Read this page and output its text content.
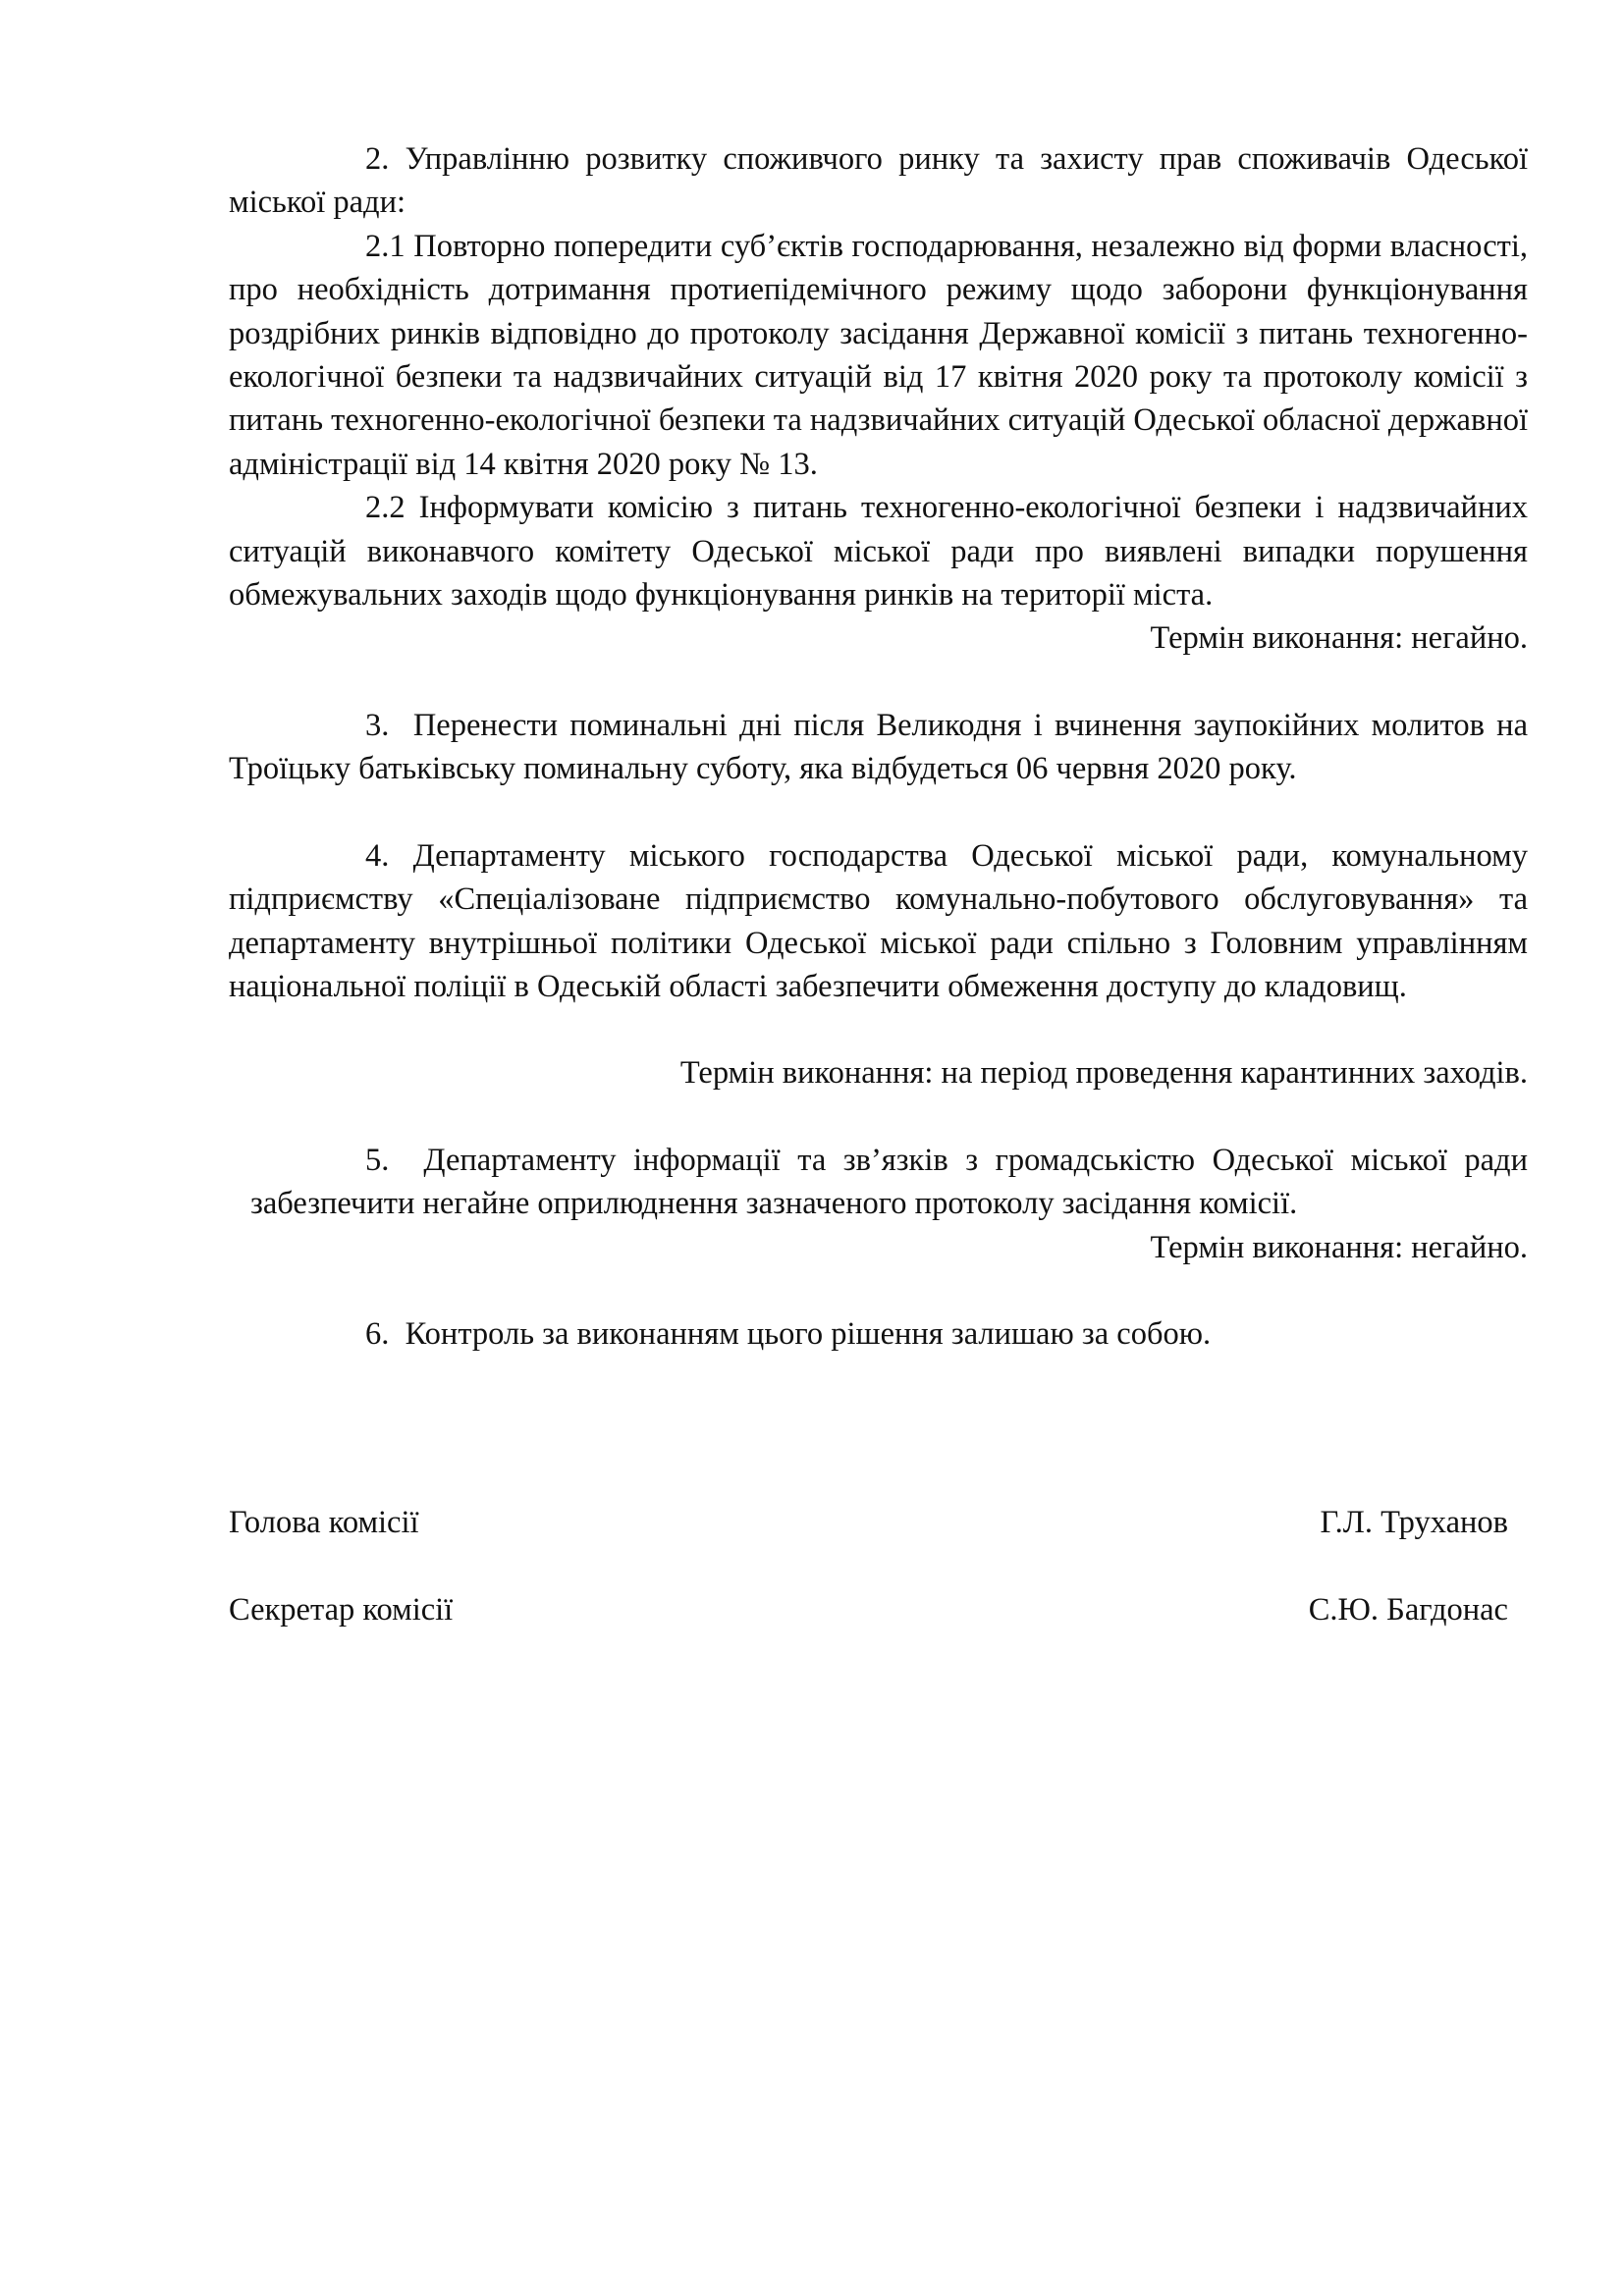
2. Управлінню розвитку споживчого ринку та захисту прав споживачів Одеської міської ради:

2.1 Повторно попередити суб’єктів господарювання, незалежно від форми власності, про необхідність дотримання протиепідемічного режиму щодо заборони функціонування роздрібних ринків відповідно до протоколу засідання Державної комісії з питань техногенно-екологічної безпеки та надзвичайних ситуацій від 17 квітня 2020 року та протоколу комісії з питань техногенно-екологічної безпеки та надзвичайних ситуацій Одеської обласної державної адміністрації від 14 квітня 2020 року № 13.

2.2 Інформувати комісію з питань техногенно-екологічної безпеки і надзвичайних ситуацій виконавчого комітету Одеської міської ради про виявлені випадки порушення обмежувальних заходів щодо функціонування ринків на території міста.

Термін виконання: негайно.

3.  Перенести поминальні дні після Великодня і вчинення заупокійних молитов на Троїцьку батьківську поминальну суботу, яка відбудеться 06 червня 2020 року.

4. Департаменту міського господарства Одеської міської ради, комунальному підприємству «Спеціалізоване підприємство комунально-побутового обслуговування» та департаменту внутрішньої політики Одеської міської ради спільно з Головним управлінням національної поліції в Одеській області забезпечити обмеження доступу до кладовищ.

Термін виконання: на період проведення карантинних заходів.

5.  Департаменту інформації та зв’язків з громадськістю Одеської міської ради забезпечити негайне оприлюднення зазначеного протоколу засідання комісії.

Термін виконання: негайно.

6.  Контроль за виконанням цього рішення залишаю за собою.

Голова комісії	Г.Л. Труханов
Секретар комісії	С.Ю. Багдонас
